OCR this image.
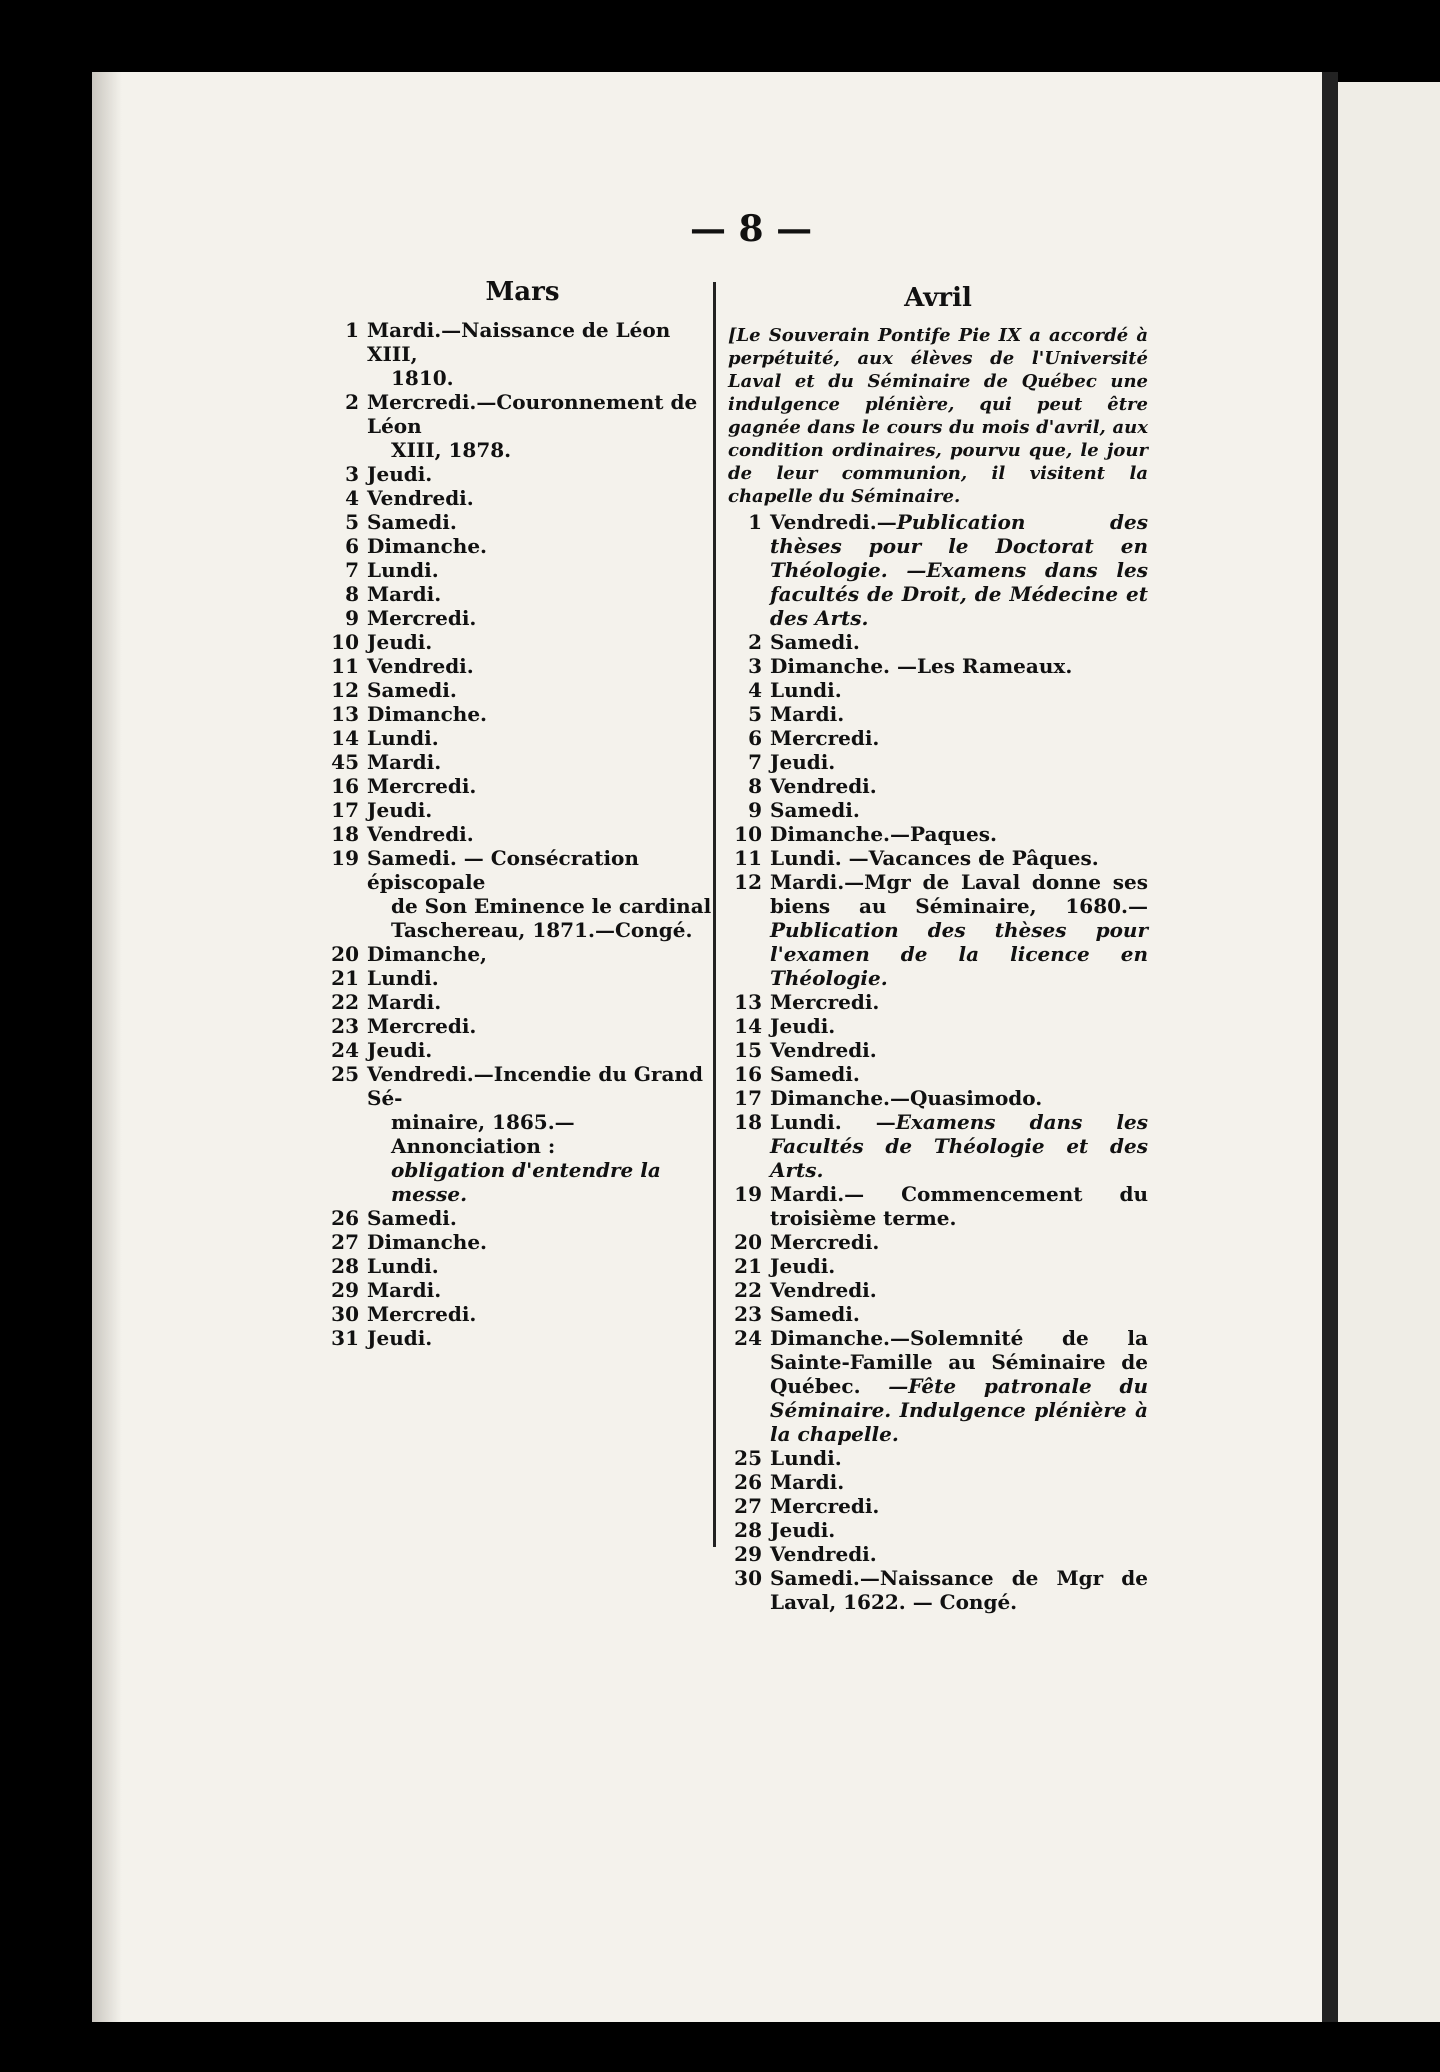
— 8 —
Mars
1 Mardi.—Naissance de Léon XIII,
1810.
2 Mercredi.—Couronnement de Léon
XIII, 1878.
3 Jeudi.
4 Vendredi.
5 Samedi.
6 Dimanche.
7 Lundi.
8 Mardi.
9 Mercredi.
10 Jeudi.
11 Vendredi.
12 Samedi.
13 Dimanche.
14 Lundi.
45 Mardi.
16 Mercredi.
17 Jeudi.
18 Vendredi.
19 Samedi. — Consécration épiscopale
de Son Eminence le cardinal
Taschereau, 1871.—Congé.
20 Dimanche,
21 Lundi.
22 Mardi.
23 Mercredi.
24 Jeudi.
25 Vendredi.—Incendie du Grand Sé-
minaire, 1865.—Annonciation :
obligation d'entendre la messe.
26 Samedi.
27 Dimanche.
28 Lundi.
29 Mardi.
30 Mercredi.
31 Jeudi.
Avril
[Le Souverain Pontife Pie IX a accordé à perpétuité, aux élèves de l'Université Laval et du Séminaire de Québec une indulgence plénière, qui peut être gagnée dans le cours du mois d'avril, aux condition ordinaires, pourvu que, le jour de leur communion, il visitent la chapelle du Séminaire.
1 Vendredi.—Publication des thèses pour le Doctorat en Théologie. —Examens dans les facultés de Droit, de Médecine et des Arts.
2 Samedi.
3 Dimanche. —Les Rameaux.
4 Lundi.
5 Mardi.
6 Mercredi.
7 Jeudi.
8 Vendredi.
9 Samedi.
10 Dimanche.—Paques.
11 Lundi. —Vacances de Pâques.
12 Mardi.—Mgr de Laval donne ses biens au Séminaire, 1680.— Publication des thèses pour l'examen de la licence en Théologie.
13 Mercredi.
14 Jeudi.
15 Vendredi.
16 Samedi.
17 Dimanche.—Quasimodo.
18 Lundi. —Examens dans les Facultés de Théologie et des Arts.
19 Mardi.— Commencement du troisième terme.
20 Mercredi.
21 Jeudi.
22 Vendredi.
23 Samedi.
24 Dimanche.—Solemnité de la Sainte-Famille au Séminaire de Québec. —Fête patronale du Séminaire. Indulgence plénière à la chapelle.
25 Lundi.
26 Mardi.
27 Mercredi.
28 Jeudi.
29 Vendredi.
30 Samedi.—Naissance de Mgr de Laval, 1622. — Congé.
